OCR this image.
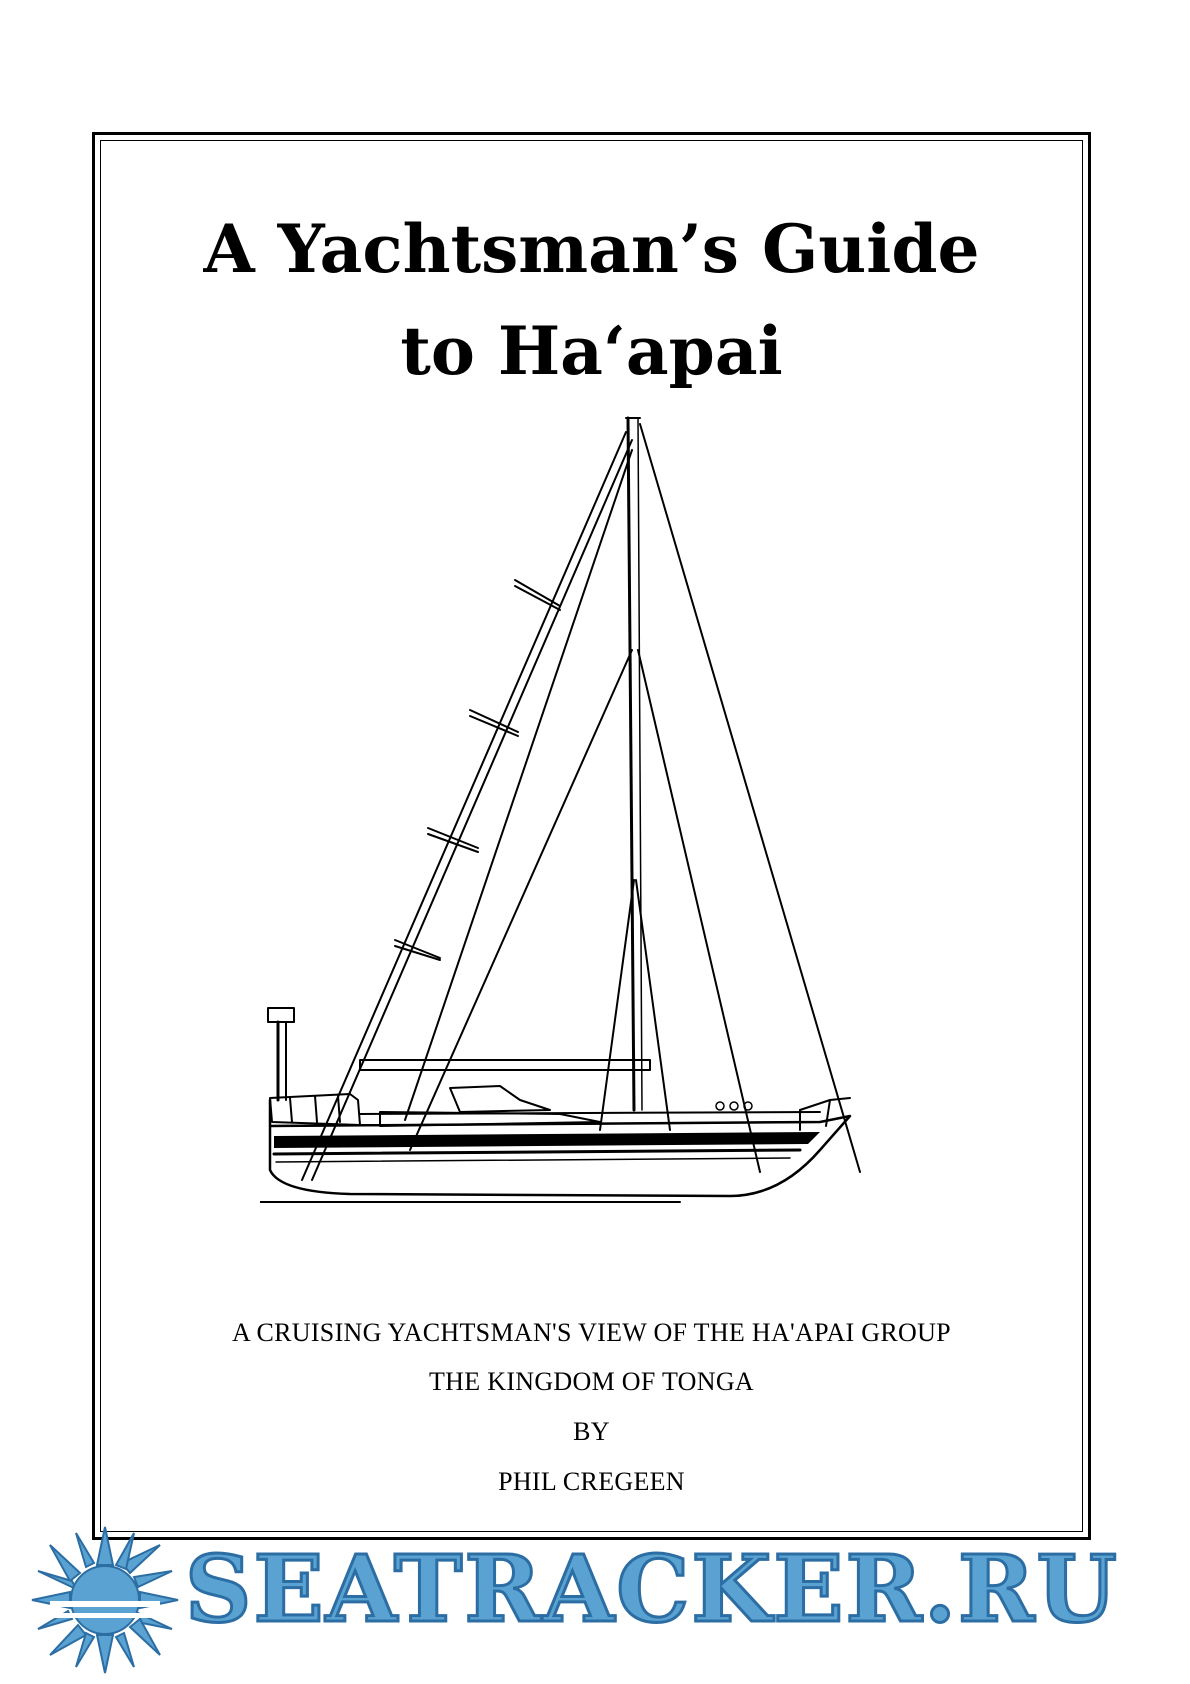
A Yachtsman’s Guide
to Ha‘apai

A CRUISING YACHTSMAN'S VIEW OF THE HA'APAI GROUP

THE KINGDOM OF TONGA

BY

PHIL CREGEEN

SEATRACKER.RU
